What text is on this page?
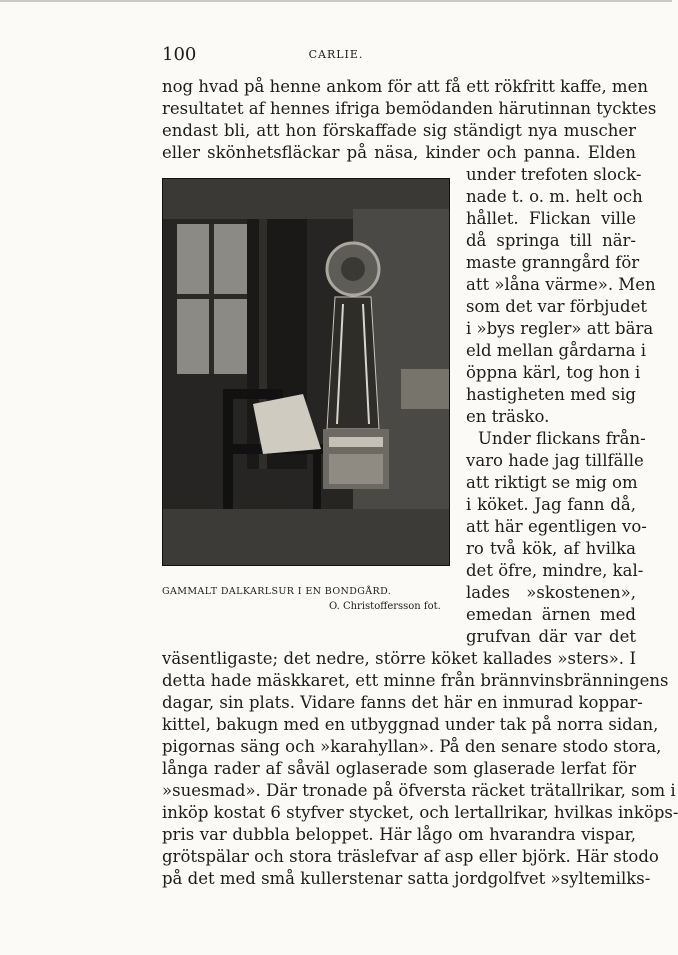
100	CARLIE.
nog hvad på henne ankom för att få ett rökfritt kaffe, men
resultatet af hennes ifriga bemödanden härutinnan tycktes
endast bli, att hon förskaffade sig ständigt nya muscher
eller skönhetsfläckar på näsa, kinder och panna. Elden
under trefoten slock-
nade t. o. m. helt och
hållet. Flickan ville
då springa till när-
maste granngård för
att »låna värme». Men
som det var förbjudet
i »bys regler» att bära
eld mellan gårdarna i
öppna kärl, tog hon i
hastigheten med sig
en träsko.
Under flickans från-
varo hade jag tillfälle
att riktigt se mig om
i köket. Jag fann då,
att här egentligen vo-
ro två kök, af hvilka
det öfre, mindre, kal-
lades »skostenen»,
emedan ärnen med
grufvan där var det
väsentligaste; det nedre, större köket kallades »sters». I
detta hade mäskkaret, ett minne från brännvinsbränningens
dagar, sin plats. Vidare fanns det här en inmurad koppar-
kittel, bakugn med en utbyggnad under tak på norra sidan,
pigornas säng och »karahyllan». På den senare stodo stora,
långa rader af såväl oglaserade som glaserade lerfat för
»suesmad». Där tronade på öfversta räcket trätallrikar, som i
inköp kostat 6 styfver stycket, och lertallrikar, hvilkas inköps-
pris var dubbla beloppet. Här lågo om hvarandra vispar,
grötspälar och stora träslefvar af asp eller björk. Här stodo
på det med små kullerstenar satta jordgolfvet »syltemilks-
GAMMALT DALKARLSUR I EN BONDGÅRD.
O. Christoffersson fot.
